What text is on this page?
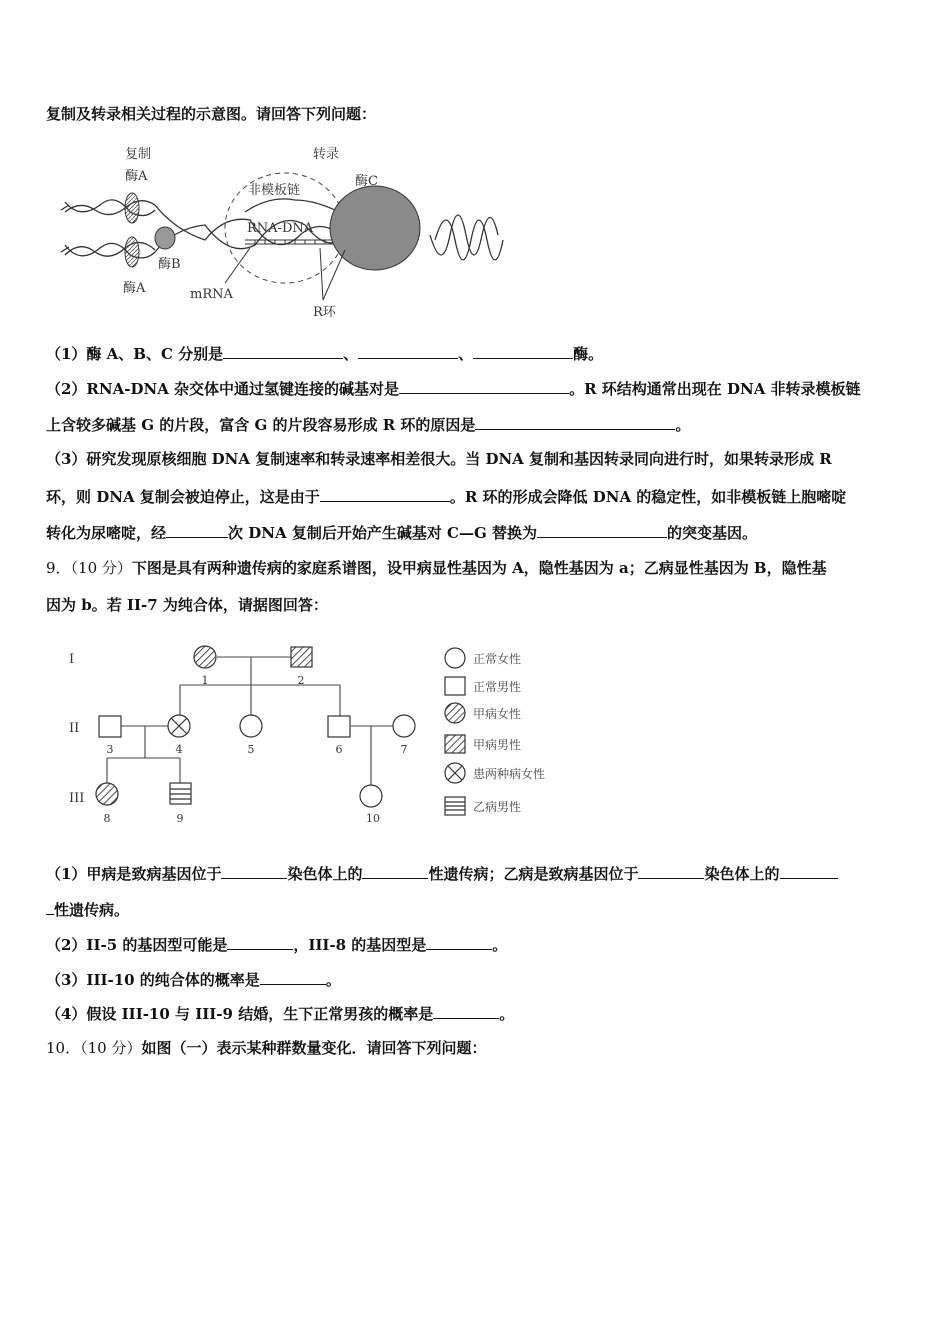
复制及转录相关过程的示意图。请回答下列问题：
复制	转录
酶A
酶A
酶B
酶C
非模板链
RNA-DNA
mRNA
R环
（1）酶 A、B、C 分别是	、	、	酶。
（2）RNA-DNA 杂交体中通过氢键连接的碱基对是	。R 环结构通常出现在 DNA 非转录模板链
上含较多碱基 G 的片段，富含 G 的片段容易形成 R 环的原因是	。
（3）研究发现原核细胞 DNA 复制速率和转录速率相差很大。当 DNA 复制和基因转录同向进行时，如果转录形成 R
环，则 DNA 复制会被迫停止，这是由于	。R 环的形成会降低 DNA 的稳定性，如非模板链上胞嘧啶
转化为尿嘧啶，经	次 DNA 复制后开始产生碱基对 C—G 替换为	的突变基因。
9．（10 分）下图是具有两种遗传病的家庭系谱图，设甲病显性基因为 A，隐性基因为 a；乙病显性基因为 B，隐性基
因为 b。若 II-7 为纯合体，请据图回答：
1	2
3	4	5	6	7
8	9	10
I
II
III
正常女性
正常男性
甲病女性
甲病男性
患两种病女性
乙病男性
（1）甲病是致病基因位于	染色体上的	性遗传病；乙病是致病基因位于	染色体上的
性遗传病。
（2）II-5 的基因型可能是	，III-8 的基因型是	。
（3）III-10 的纯合体的概率是	。
（4）假设 III-10 与 III-9 结婚，生下正常男孩的概率是	。
10．（10 分）如图（一）表示某种群数量变化．请回答下列问题：
